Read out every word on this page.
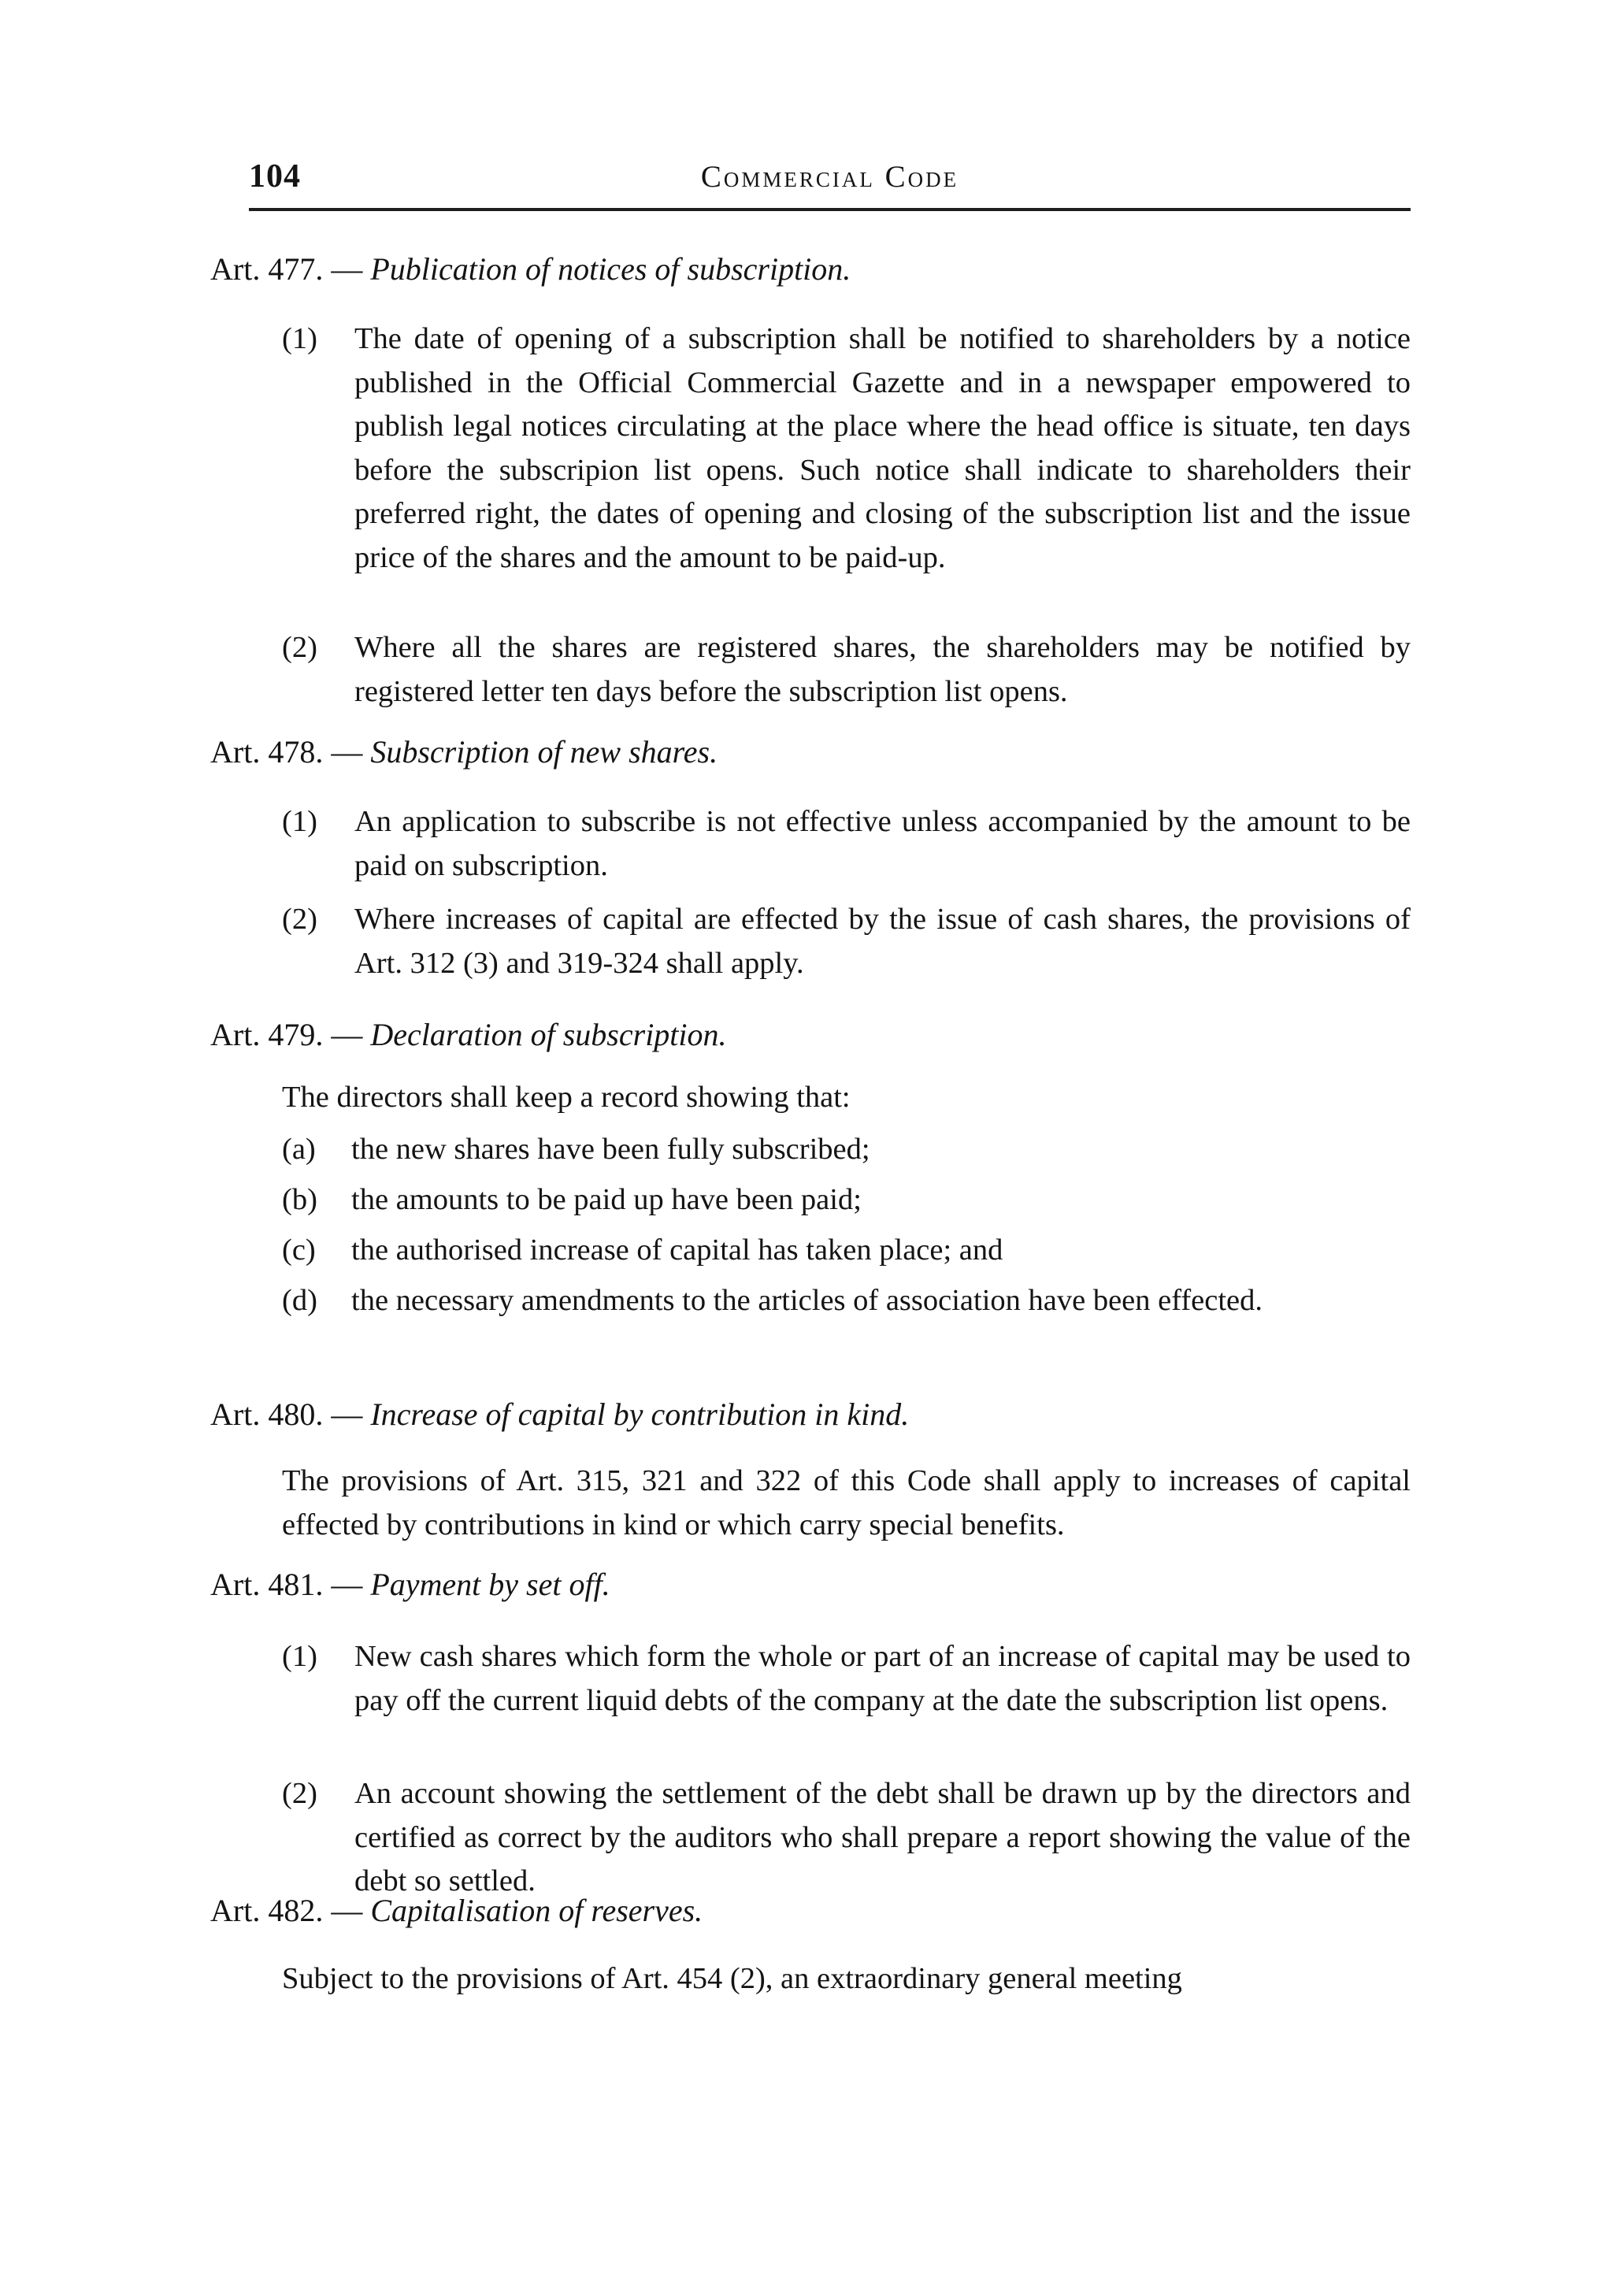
104	Commercial Code
Art. 477. — Publication of notices of subscription.
(1) The date of opening of a subscription shall be notified to shareholders by a notice published in the Official Commercial Gazette and in a newspaper empowered to publish legal notices circulating at the place where the head office is situate, ten days before the subscripion list opens. Such notice shall indicate to shareholders their preferred right, the dates of opening and closing of the subscription list and the issue price of the shares and the amount to be paid-up.
(2) Where all the shares are registered shares, the shareholders may be notified by registered letter ten days before the subscription list opens.
Art. 478. — Subscription of new shares.
(1) An application to subscribe is not effective unless accompanied by the amount to be paid on subscription.
(2) Where increases of capital are effected by the issue of cash shares, the provisions of Art. 312 (3) and 319-324 shall apply.
Art. 479. — Declaration of subscription.
The directors shall keep a record showing that:
(a) the new shares have been fully subscribed;
(b) the amounts to be paid up have been paid;
(c) the authorised increase of capital has taken place; and
(d) the necessary amendments to the articles of association have been effected.
Art. 480. — Increase of capital by contribution in kind.
The provisions of Art. 315, 321 and 322 of this Code shall apply to increases of capital effected by contributions in kind or which carry special benefits.
Art. 481. — Payment by set off.
(1) New cash shares which form the whole or part of an increase of capital may be used to pay off the current liquid debts of the company at the date the subscription list opens.
(2) An account showing the settlement of the debt shall be drawn up by the directors and certified as correct by the auditors who shall prepare a report showing the value of the debt so settled.
Art. 482. — Capitalisation of reserves.
Subject to the provisions of Art. 454 (2), an extraordinary general meeting
